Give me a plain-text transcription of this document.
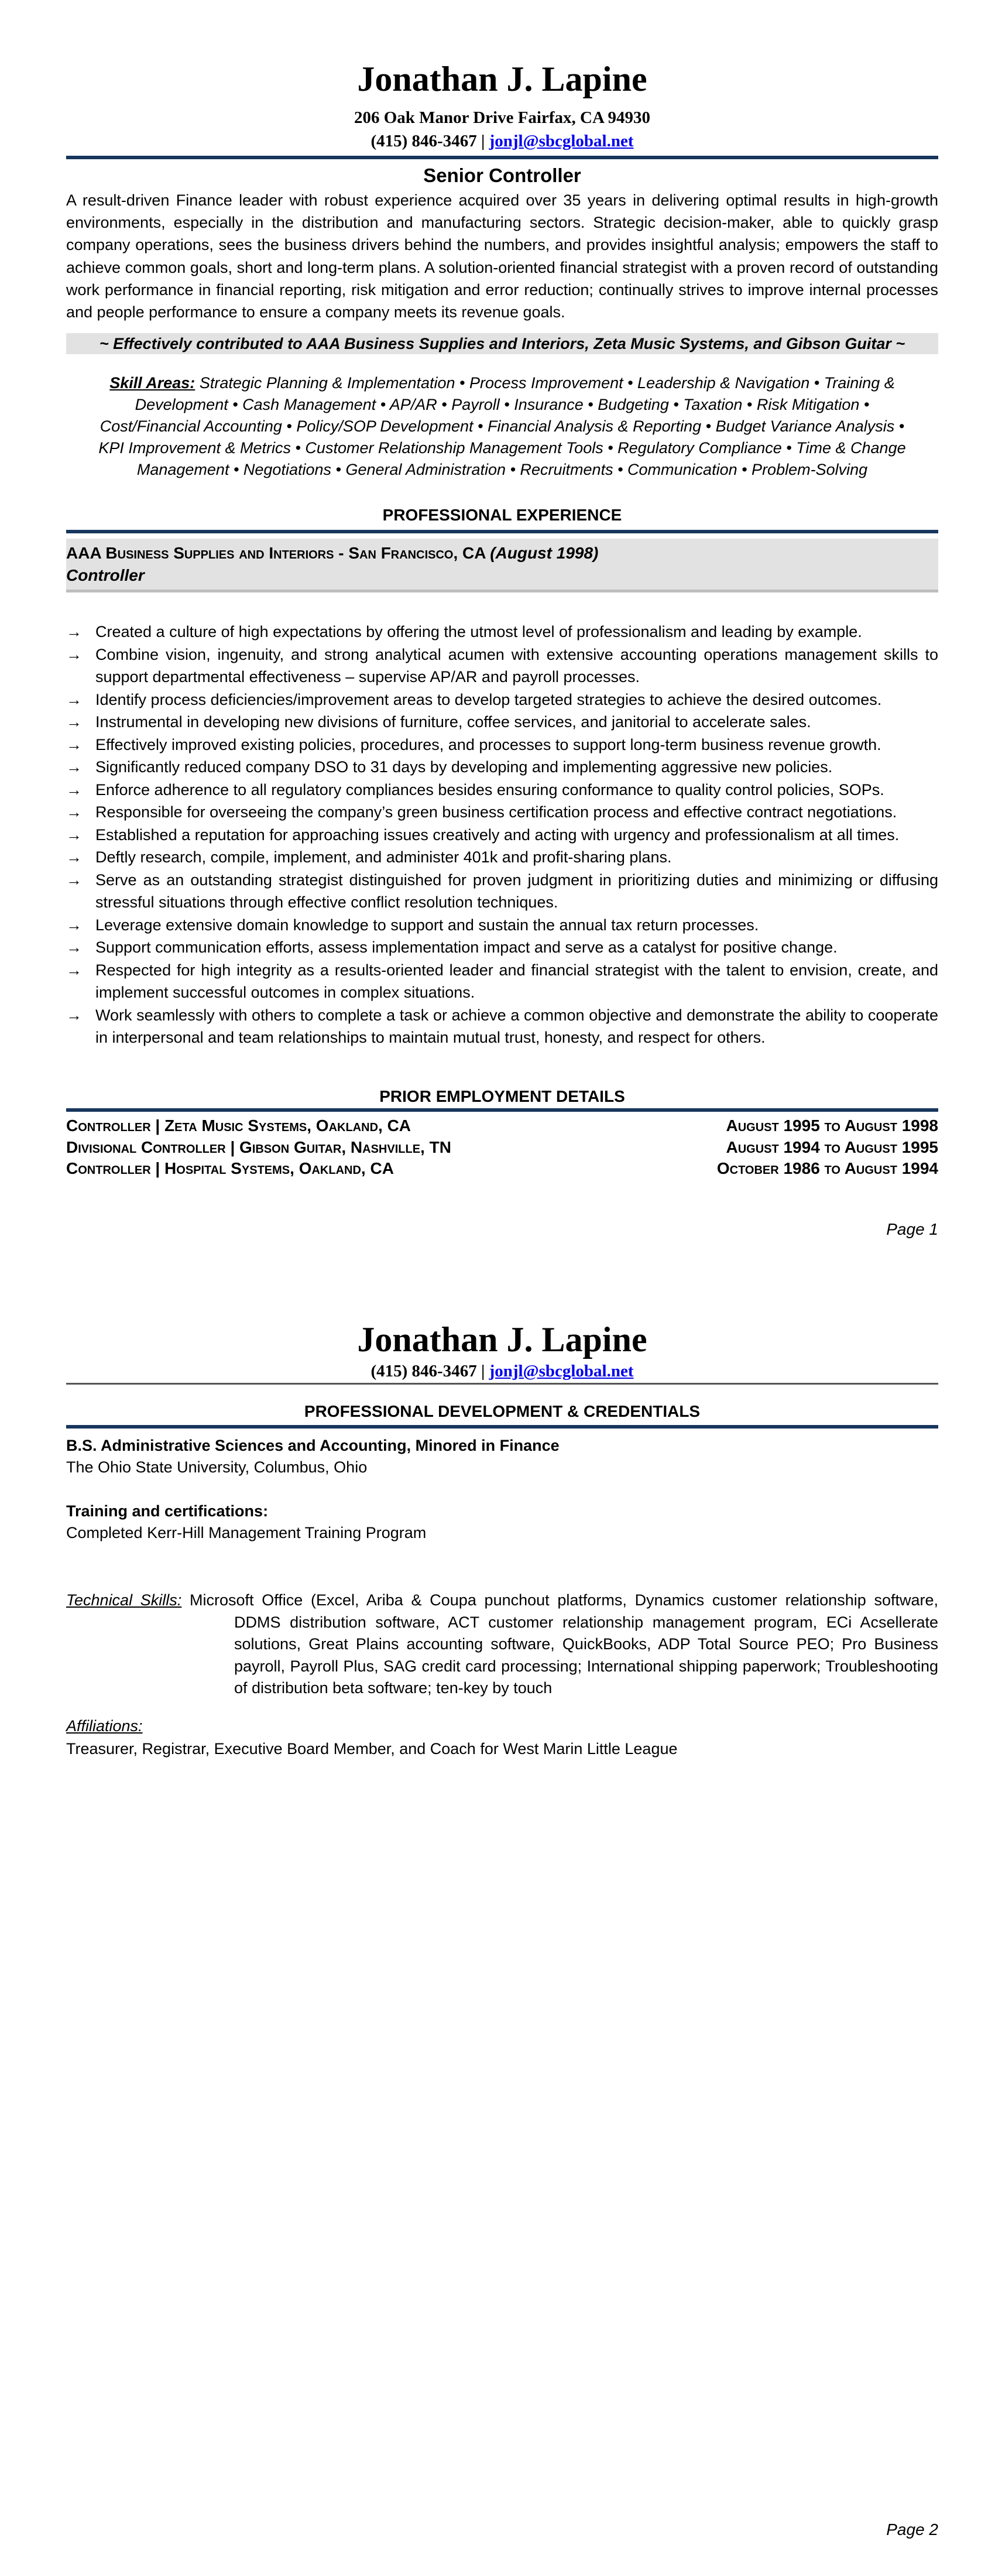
Jonathan J. Lapine
206 Oak Manor Drive Fairfax, CA 94930
(415) 846-3467 | jonjl@sbcglobal.net
Senior Controller
A result-driven Finance leader with robust experience acquired over 35 years in delivering optimal results in high-growth environments, especially in the distribution and manufacturing sectors. Strategic decision-maker, able to quickly grasp company operations, sees the business drivers behind the numbers, and provides insightful analysis; empowers the staff to achieve common goals, short and long-term plans. A solution-oriented financial strategist with a proven record of outstanding work performance in financial reporting, risk mitigation and error reduction; continually strives to improve internal processes and people performance to ensure a company meets its revenue goals.
~ Effectively contributed to AAA Business Supplies and Interiors, Zeta Music Systems, and Gibson Guitar ~
Skill Areas: Strategic Planning & Implementation • Process Improvement • Leadership & Navigation • Training & Development • Cash Management • AP/AR • Payroll • Insurance • Budgeting • Taxation • Risk Mitigation • Cost/Financial Accounting • Policy/SOP Development • Financial Analysis & Reporting • Budget Variance Analysis • KPI Improvement & Metrics • Customer Relationship Management Tools • Regulatory Compliance • Time & Change Management • Negotiations • General Administration • Recruitments • Communication • Problem-Solving
PROFESSIONAL EXPERIENCE
AAA Business Supplies and Interiors - San Francisco, CA (August 1998)
Controller
→ Created a culture of high expectations by offering the utmost level of professionalism and leading by example.
→ Combine vision, ingenuity, and strong analytical acumen with extensive accounting operations management skills to support departmental effectiveness – supervise AP/AR and payroll processes.
→ Identify process deficiencies/improvement areas to develop targeted strategies to achieve the desired outcomes.
→ Instrumental in developing new divisions of furniture, coffee services, and janitorial to accelerate sales.
→ Effectively improved existing policies, procedures, and processes to support long-term business revenue growth.
→ Significantly reduced company DSO to 31 days by developing and implementing aggressive new policies.
→ Enforce adherence to all regulatory compliances besides ensuring conformance to quality control policies, SOPs.
→ Responsible for overseeing the company’s green business certification process and effective contract negotiations.
→ Established a reputation for approaching issues creatively and acting with urgency and professionalism at all times.
→ Deftly research, compile, implement, and administer 401k and profit-sharing plans.
→ Serve as an outstanding strategist distinguished for proven judgment in prioritizing duties and minimizing or diffusing stressful situations through effective conflict resolution techniques.
→ Leverage extensive domain knowledge to support and sustain the annual tax return processes.
→ Support communication efforts, assess implementation impact and serve as a catalyst for positive change.
→ Respected for high integrity as a results-oriented leader and financial strategist with the talent to envision, create, and implement successful outcomes in complex situations.
→ Work seamlessly with others to complete a task or achieve a common objective and demonstrate the ability to cooperate in interpersonal and team relationships to maintain mutual trust, honesty, and respect for others.
PRIOR EMPLOYMENT DETAILS
Controller | Zeta Music Systems, Oakland, CA	August 1995 to August 1998
Divisional Controller | Gibson Guitar, Nashville, TN	August 1994 to August 1995
Controller | Hospital Systems, Oakland, CA	October 1986 to August 1994
Page 1
Jonathan J. Lapine
(415) 846-3467 | jonjl@sbcglobal.net
PROFESSIONAL DEVELOPMENT & CREDENTIALS
B.S. Administrative Sciences and Accounting, Minored in Finance
The Ohio State University, Columbus, Ohio
Training and certifications:
Completed Kerr-Hill Management Training Program
Technical Skills: Microsoft Office (Excel, Ariba & Coupa punchout platforms, Dynamics customer relationship software, DDMS distribution software, ACT customer relationship management program, ECi Acsellerate solutions, Great Plains accounting software, QuickBooks, ADP Total Source PEO; Pro Business payroll, Payroll Plus, SAG credit card processing; International shipping paperwork; Troubleshooting of distribution beta software; ten-key by touch
Affiliations:
Treasurer, Registrar, Executive Board Member, and Coach for West Marin Little League
Page 2
